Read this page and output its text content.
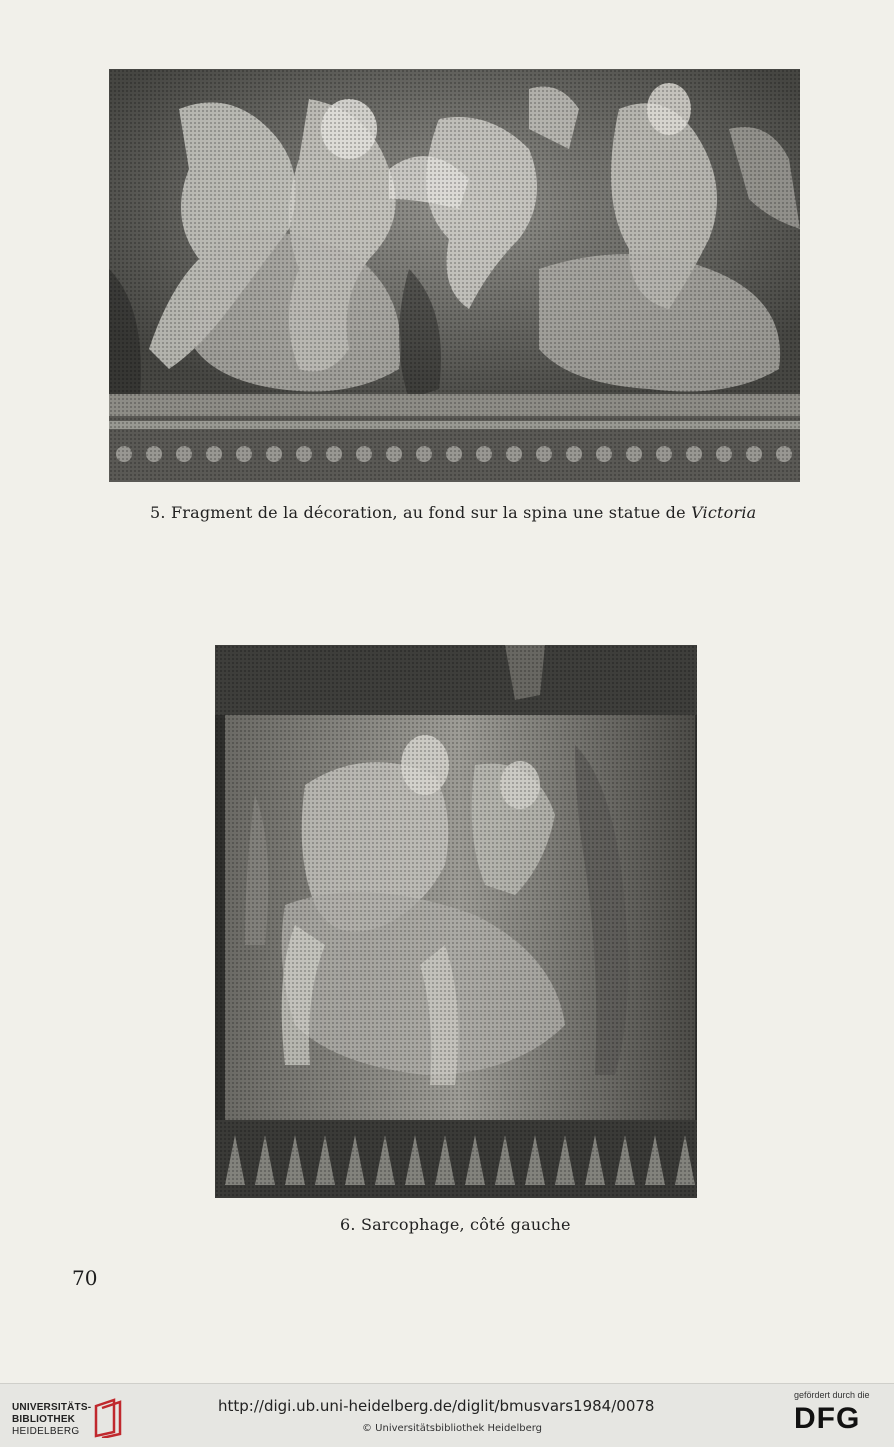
5. Fragment de la décoration, au fond sur la spina une statue de Victoria
6. Sarcophage, côté gauche
70
UNIVERSITÄTS-
BIBLIOTHEK
HEIDELBERG
http://digi.ub.uni-heidelberg.de/diglit/bmusvars1984/0078
© Universitätsbibliothek Heidelberg
gefördert durch die
DFG
